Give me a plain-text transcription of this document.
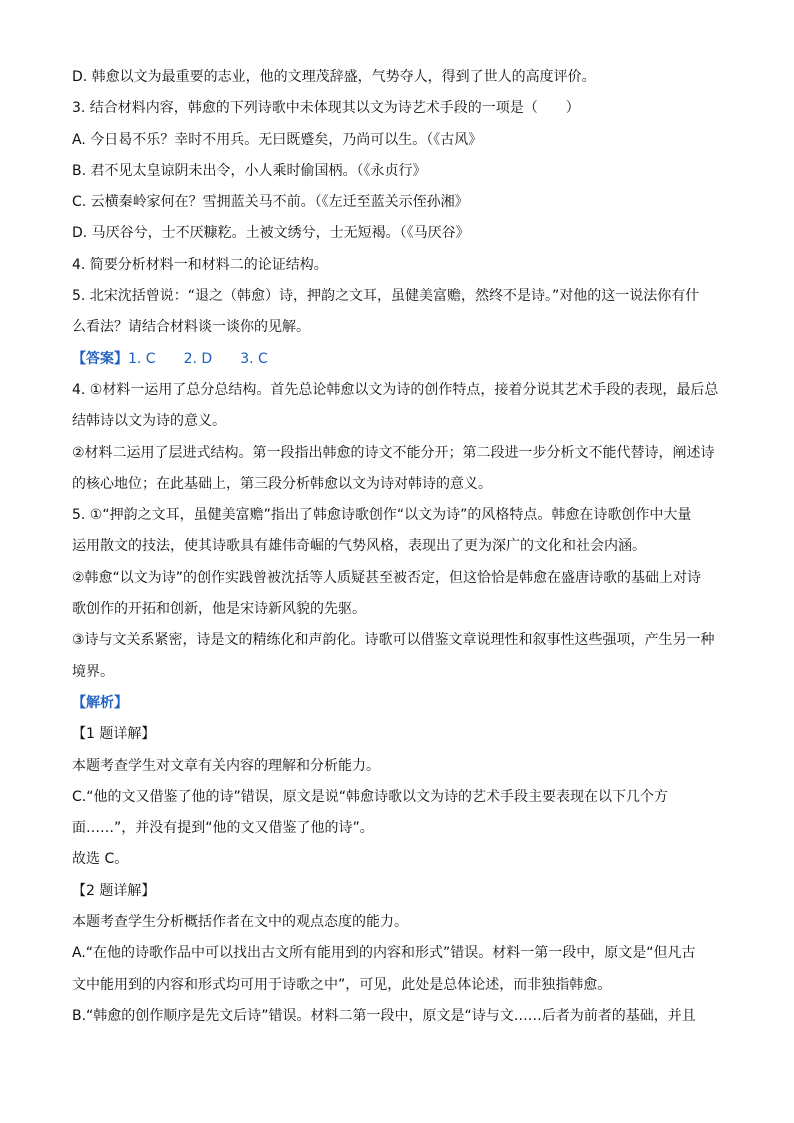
D. 韩愈以文为最重要的志业，他的文理茂辞盛，气势夺人，得到了世人的高度评价。
3. 结合材料内容，韩愈的下列诗歌中未体现其以文为诗艺术手段的一项是（　　）
A. 今日曷不乐？幸时不用兵。无曰既蹙矣，乃尚可以生。（《古风》
B. 君不见太皇谅阴未出令，小人乘时偷国柄。（《永贞行》
C. 云横秦岭家何在？雪拥蓝关马不前。（《左迁至蓝关示侄孙湘》
D. 马厌谷兮，士不厌糠籺。土被文绣兮，士无短褐。（《马厌谷》
4. 简要分析材料一和材料二的论证结构。
5. 北宋沈括曾说：“退之（韩愈）诗，押韵之文耳，虽健美富赡，然终不是诗。”对他的这一说法你有什
么看法？请结合材料谈一谈你的见解。
【答案】1. C 2. D 3. C
4. ①材料一运用了总分总结构。首先总论韩愈以文为诗的创作特点，接着分说其艺术手段的表现，最后总
结韩诗以文为诗的意义。
②材料二运用了层进式结构。第一段指出韩愈的诗文不能分开；第二段进一步分析文不能代替诗，阐述诗
的核心地位；在此基础上，第三段分析韩愈以文为诗对韩诗的意义。
5. ①“押韵之文耳，虽健美富赡”指出了韩愈诗歌创作“以文为诗”的风格特点。韩愈在诗歌创作中大量
运用散文的技法，使其诗歌具有雄伟奇崛的气势风格，表现出了更为深广的文化和社会内涵。
②韩愈“以文为诗”的创作实践曾被沈括等人质疑甚至被否定，但这恰恰是韩愈在盛唐诗歌的基础上对诗
歌创作的开拓和创新，他是宋诗新风貌的先驱。
③诗与文关系紧密，诗是文的精练化和声韵化。诗歌可以借鉴文章说理性和叙事性这些强项，产生另一种
境界。
【解析】
【1 题详解】
本题考查学生对文章有关内容的理解和分析能力。
C.“他的文又借鉴了他的诗”错误，原文是说“韩愈诗歌以文为诗的艺术手段主要表现在以下几个方
面……”，并没有提到“他的文又借鉴了他的诗”。
故选 C。
【2 题详解】
本题考查学生分析概括作者在文中的观点态度的能力。
A.“在他的诗歌作品中可以找出古文所有能用到的内容和形式”错误。材料一第一段中，原文是“但凡古
文中能用到的内容和形式均可用于诗歌之中”，可见，此处是总体论述，而非独指韩愈。
B.“韩愈的创作顺序是先文后诗”错误。材料二第一段中，原文是“诗与文……后者为前者的基础，并且
